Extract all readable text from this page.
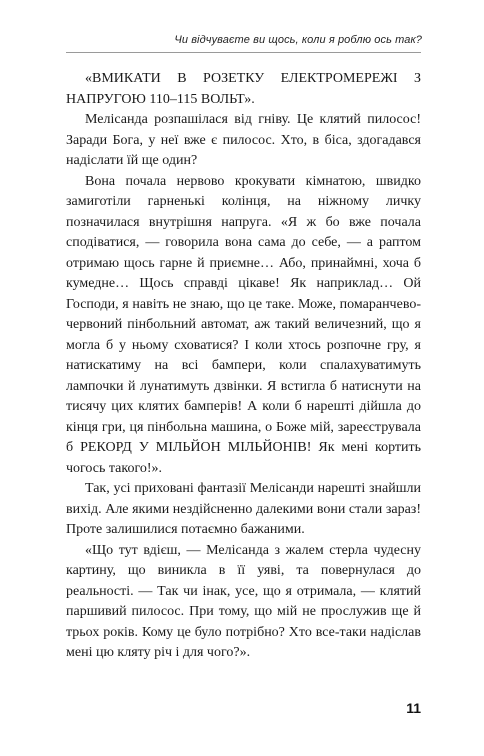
Чи відчуваєте ви щось, коли я роблю ось так?

«ВМИКАТИ В РОЗЕТКУ ЕЛЕКТРОМЕРЕЖІ З НАПРУГОЮ 110–115 ВОЛЬТ».

Мелісанда розпашілася від гніву. Це клятий пилосос! Заради Бога, у неї вже є пилосос. Хто, в біса, здогадався надіслати їй ще один?

Вона почала нервово крокувати кімнатою, швидко замиготіли гарненькі колінця, на ніжному личку позначилася внутрішня напруга. «Я ж бо вже почала сподіватися, — говорила вона сама до себе, — а раптом отримаю щось гарне й приємне… Або, принаймні, хоча б кумедне… Щось справді цікаве! Як наприклад… Ой Господи, я навіть не знаю, що це таке. Може, помаранчево-червоний пінбольний автомат, аж такий величезний, що я могла б у ньому сховатися? І коли хтось розпочне гру, я натискатиму на всі бампери, коли спалахуватимуть лампочки й лунатимуть дзвінки. Я встигла б натиснути на тисячу цих клятих бамперів! А коли б нарешті дійшла до кінця гри, ця пінбольна машина, о Боже мій, зареєструвала б РЕКОРД У МІЛЬЙОН МІЛЬЙОНІВ! Як мені кортить чогось такого!».

Так, усі приховані фантазії Мелісанди нарешті знайшли вихід. Але якими нездійсненно далекими вони стали зараз! Проте залишилися потаємно бажаними.

«Що тут вдієш, — Мелісанда з жалем стерла чудесну картину, що виникла в її уяві, та повернулася до реальності. — Так чи інак, усе, що я отримала, — клятий паршивий пилосос. При тому, що мій не прослужив ще й трьох років. Кому це було потрібно? Хто все-таки надіслав мені цю кляту річ і для чого?».

11
